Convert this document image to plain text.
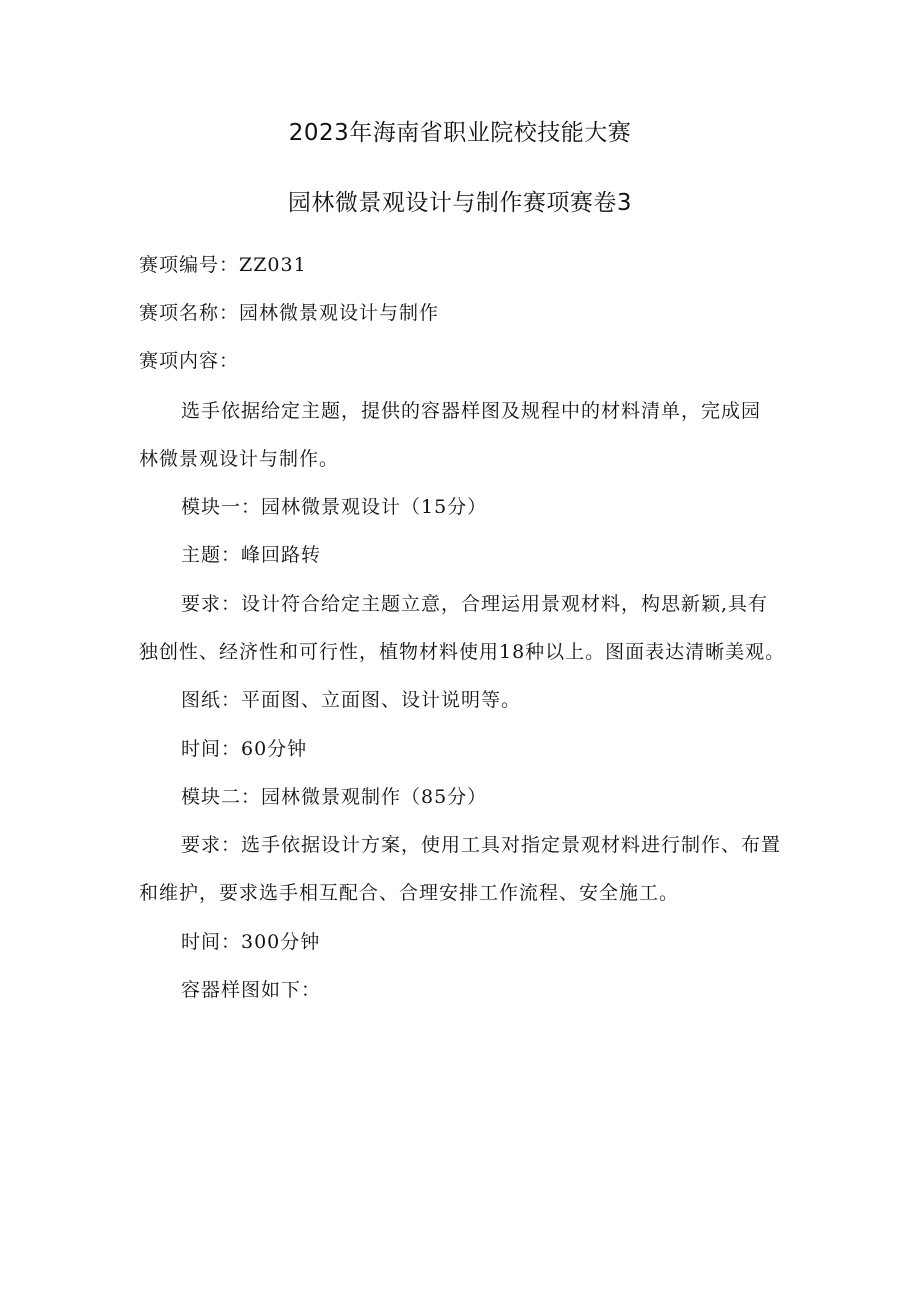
2023年海南省职业院校技能大赛
园林微景观设计与制作赛项赛卷3
赛项编号：ZZ031
赛项名称：园林微景观设计与制作
赛项内容：
选手依据给定主题，提供的容器样图及规程中的材料清单，完成园
林微景观设计与制作。
模块一：园林微景观设计（15分）
主题：峰回路转
要求：设计符合给定主题立意，合理运用景观材料，构思新颖,具有
独创性、经济性和可行性，植物材料使用18种以上。图面表达清晰美观。
图纸：平面图、立面图、设计说明等。
时间：60分钟
模块二：园林微景观制作（85分）
要求：选手依据设计方案，使用工具对指定景观材料进行制作、布置
和维护，要求选手相互配合、合理安排工作流程、安全施工。
时间：300分钟
容器样图如下：
